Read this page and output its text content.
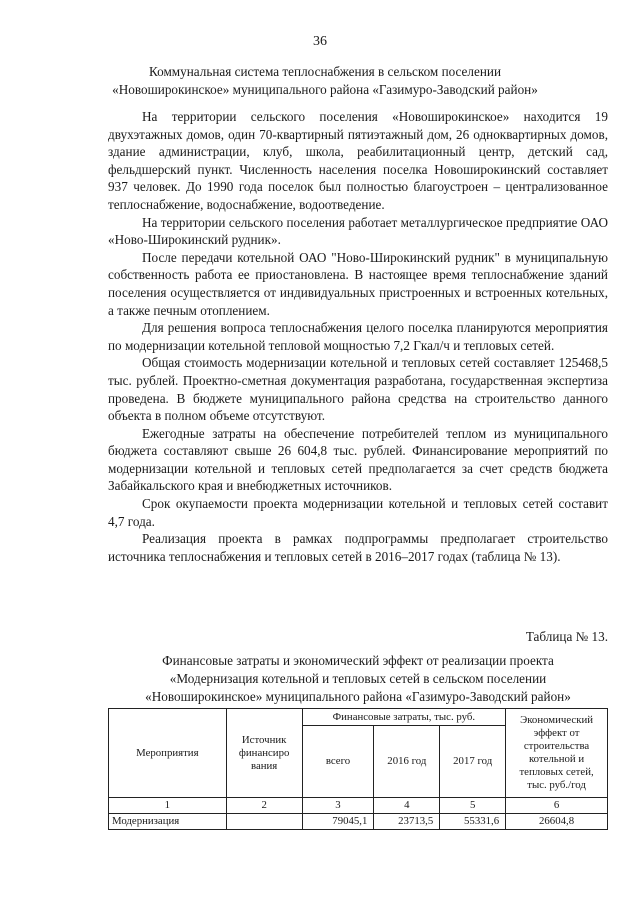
36
Коммунальная система теплоснабжения в сельском поселении
«Новоширокинское» муниципального района «Газимуро-Заводский район»

На территории сельского поселения «Новоширокинское» находится 19 двухэтажных домов, один 70-квартирный пятиэтажный дом, 26 одноквартирных домов, здание администрации, клуб, школа, реабилитационный центр, детский сад, фельдшерский пункт. Численность населения поселка Новоширокинский составляет 937 человек. До 1990 года поселок был полностью благоустроен – централизованное теплоснабжение, водоснабжение, водоотведение.

На территории сельского поселения работает металлургическое предприятие ОАО «Ново-Широкинский рудник».

После передачи котельной ОАО "Ново-Широкинский рудник" в муниципальную собственность работа ее приостановлена. В настоящее время теплоснабжение зданий поселения осуществляется от индивидуальных пристроенных и встроенных котельных, а также печным отоплением.

Для решения вопроса теплоснабжения целого поселка планируются мероприятия по модернизации котельной тепловой мощностью 7,2 Гкал/ч и тепловых сетей.

Общая стоимость модернизации котельной и тепловых сетей составляет 125468,5 тыс. рублей. Проектно-сметная документация разработана, государственная экспертиза проведена. В бюджете муниципального района средства на строительство данного объекта в полном объеме отсутствуют.

Ежегодные затраты на обеспечение потребителей теплом из муниципального бюджета составляют свыше 26 604,8 тыс. рублей. Финансирование мероприятий по модернизации котельной и тепловых сетей предполагается за счет средств бюджета Забайкальского края и внебюджетных источников.

Срок окупаемости проекта модернизации котельной и тепловых сетей составит 4,7 года.

Реализация проекта в рамках подпрограммы предполагает строительство источника теплоснабжения и тепловых сетей в 2016–2017 годах (таблица № 13).

Таблица № 13.
Финансовые затраты и экономический эффект от реализации проекта
«Модернизация котельной и тепловых сетей в сельском поселении
«Новоширокинское» муниципального района «Газимуро-Заводский район»
Мероприятия	Источник финансиро вания	Финансовые затраты, тыс. руб.			Экономический эффект от строительства котельной и тепловых сетей, тыс. руб./год
		всего	2016 год	2017 год	
1	2	3	4	5	6
Модернизация		79045,1	23713,5	55331,6	26604,8
